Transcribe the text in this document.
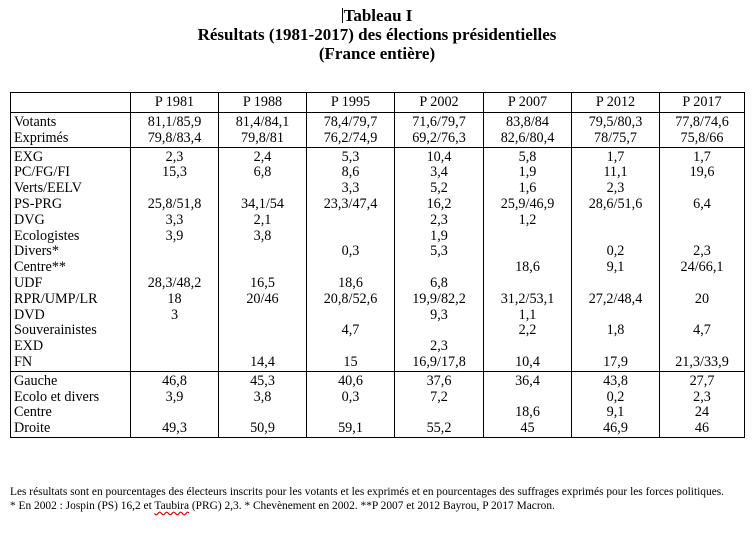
Tableau I
Résultats (1981-2017) des élections présidentielles
(France entière)
	P 1981	P 1988	P 1995	P 2002	P 2007	P 2012	P 2017
Votants	81,1/85,9	81,4/84,1	78,4/79,7	71,6/79,7	83,8/84	79,5/80,3	77,8/74,6
Exprimés	79,8/83,4	79,8/81	76,2/74,9	69,2/76,3	82,6/80,4	78/75,7	75,8/66
EXG	2,3	2,4	5,3	10,4	5,8	1,7	1,7
PC/FG/FI	15,3	6,8	8,6	3,4	1,9	11,1	19,6
Verts/EELV			3,3	5,2	1,6	2,3	
PS-PRG	25,8/51,8	34,1/54	23,3/47,4	16,2	25,9/46,9	28,6/51,6	6,4
DVG	3,3	2,1		2,3	1,2		
Ecologistes	3,9	3,8		1,9			
Divers*			0,3	5,3		0,2	2,3
Centre**					18,6	9,1	24/66,1
UDF	28,3/48,2	16,5	18,6	6,8			
RPR/UMP/LR	18	20/46	20,8/52,6	19,9/82,2	31,2/53,1	27,2/48,4	20
DVD	3			9,3	1,1		
Souverainistes			4,7		2,2	1,8	4,7
EXD				2,3			
FN		14,4	15	16,9/17,8	10,4	17,9	21,3/33,9
Gauche	46,8	45,3	40,6	37,6	36,4	43,8	27,7
Ecolo et divers	3,9	3,8	0,3	7,2		0,2	2,3
Centre					18,6	9,1	24
Droite	49,3	50,9	59,1	55,2	45	46,9	46

Les résultats sont en pourcentages des électeurs inscrits pour les votants et les exprimés et en pourcentages des suffrages exprimés pour les forces politiques.

* En 2002 : Jospin (PS) 16,2 et Taubira (PRG) 2,3. * Chevènement en 2002. **P 2007 et 2012 Bayrou, P 2017 Macron.
